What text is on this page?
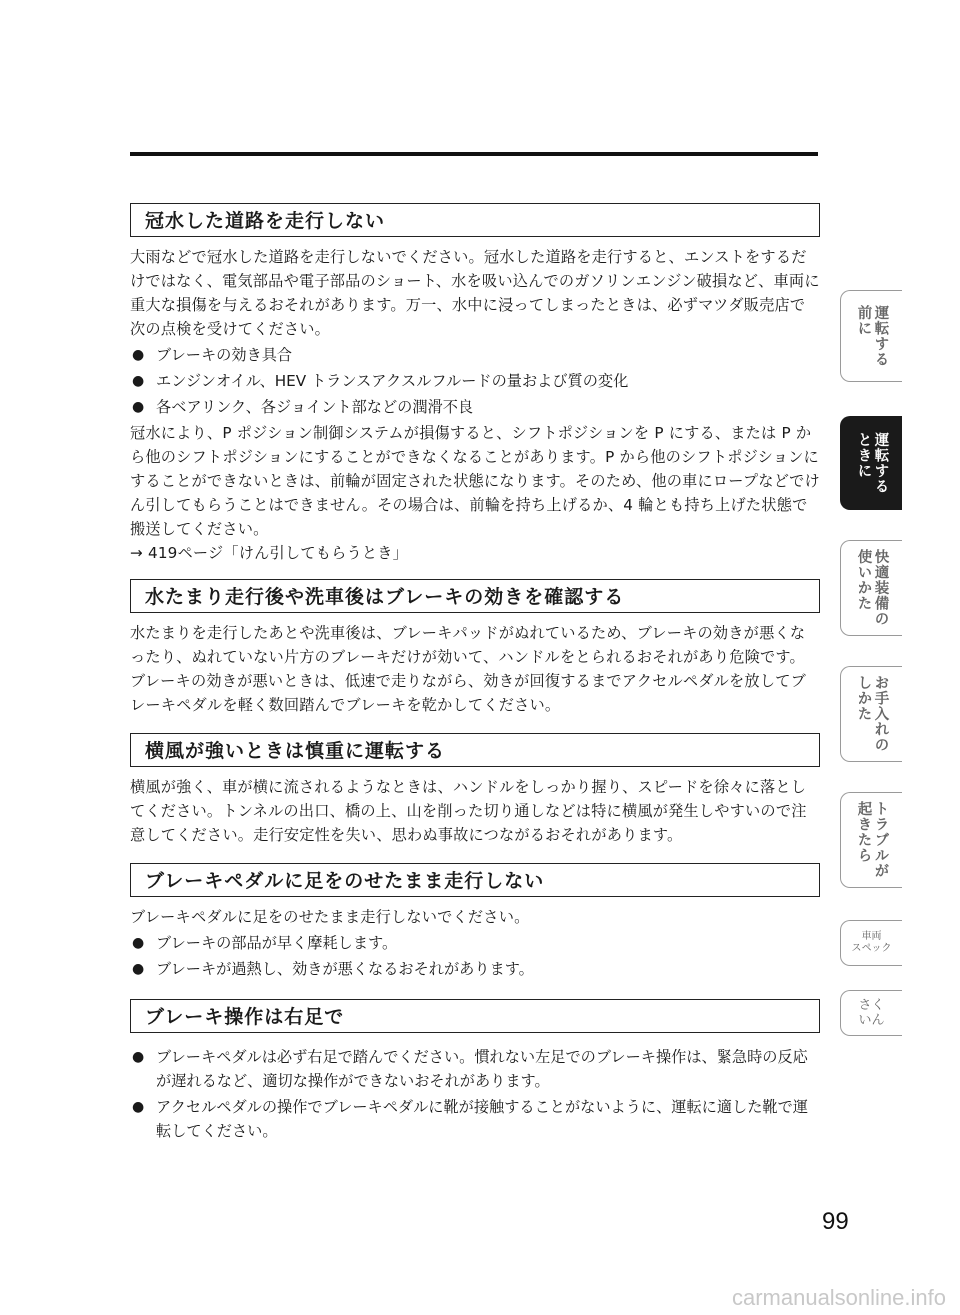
冠水した道路を走行しない

大雨などで冠水した道路を走行しないでください。冠水した道路を走行すると、エンストをするだけではなく、電気部品や電子部品のショート、水を吸い込んでのガソリンエンジン破損など、車両に重大な損傷を与えるおそれがあります。万一、水中に浸ってしまったときは、必ずマツダ販売店で次の点検を受けてください。

● ブレーキの効き具合
● エンジンオイル、HEV トランスアクスルフルードの量および質の変化
● 各ベアリンク、各ジョイント部などの潤滑不良

冠水により、P ポジション制御システムが損傷すると、シフトポジションを P にする、または P から他のシフトポジションにすることができなくなることがあります。P から他のシフトポジションにすることができないときは、前輪が固定された状態になります。そのため、他の車にロープなどでけん引してもらうことはできません。その場合は、前輪を持ち上げるか、4 輪とも持ち上げた状態で搬送してください。

→ 419ページ「けん引してもらうとき」

水たまり走行後や洗車後はブレーキの効きを確認する

水たまりを走行したあとや洗車後は、ブレーキパッドがぬれているため、ブレーキの効きが悪くなったり、ぬれていない片方のブレーキだけが効いて、ハンドルをとられるおそれがあり危険です。ブレーキの効きが悪いときは、低速で走りながら、効きが回復するまでアクセルペダルを放してブレーキペダルを軽く数回踏んでブレーキを乾かしてください。

横風が強いときは慎重に運転する

横風が強く、車が横に流されるようなときは、ハンドルをしっかり握り、スピードを徐々に落としてください。トンネルの出口、橋の上、山を削った切り通しなどは特に横風が発生しやすいので注意してください。走行安定性を失い、思わぬ事故につながるおそれがあります。

ブレーキペダルに足をのせたまま走行しない

ブレーキペダルに足をのせたまま走行しないでください。

● ブレーキの部品が早く摩耗します。
● ブレーキが過熱し、効きが悪くなるおそれがあります。
ブレーキ操作は右足で
● ブレーキペダルは必ず右足で踏んでください。慣れない左足でのブレーキ操作は、緊急時の反応が遅れるなど、適切な操作ができないおそれがあります。
● アクセルペダルの操作でブレーキペダルに靴が接触することがないように、運転に適した靴で運転してください。
運転する
前に
運転する
ときに
快適装備の
使いかた
お手入れの
しかた
トラブルが
起きたら
車両
スペック
さく
いん
99
carmanualsonline.info
